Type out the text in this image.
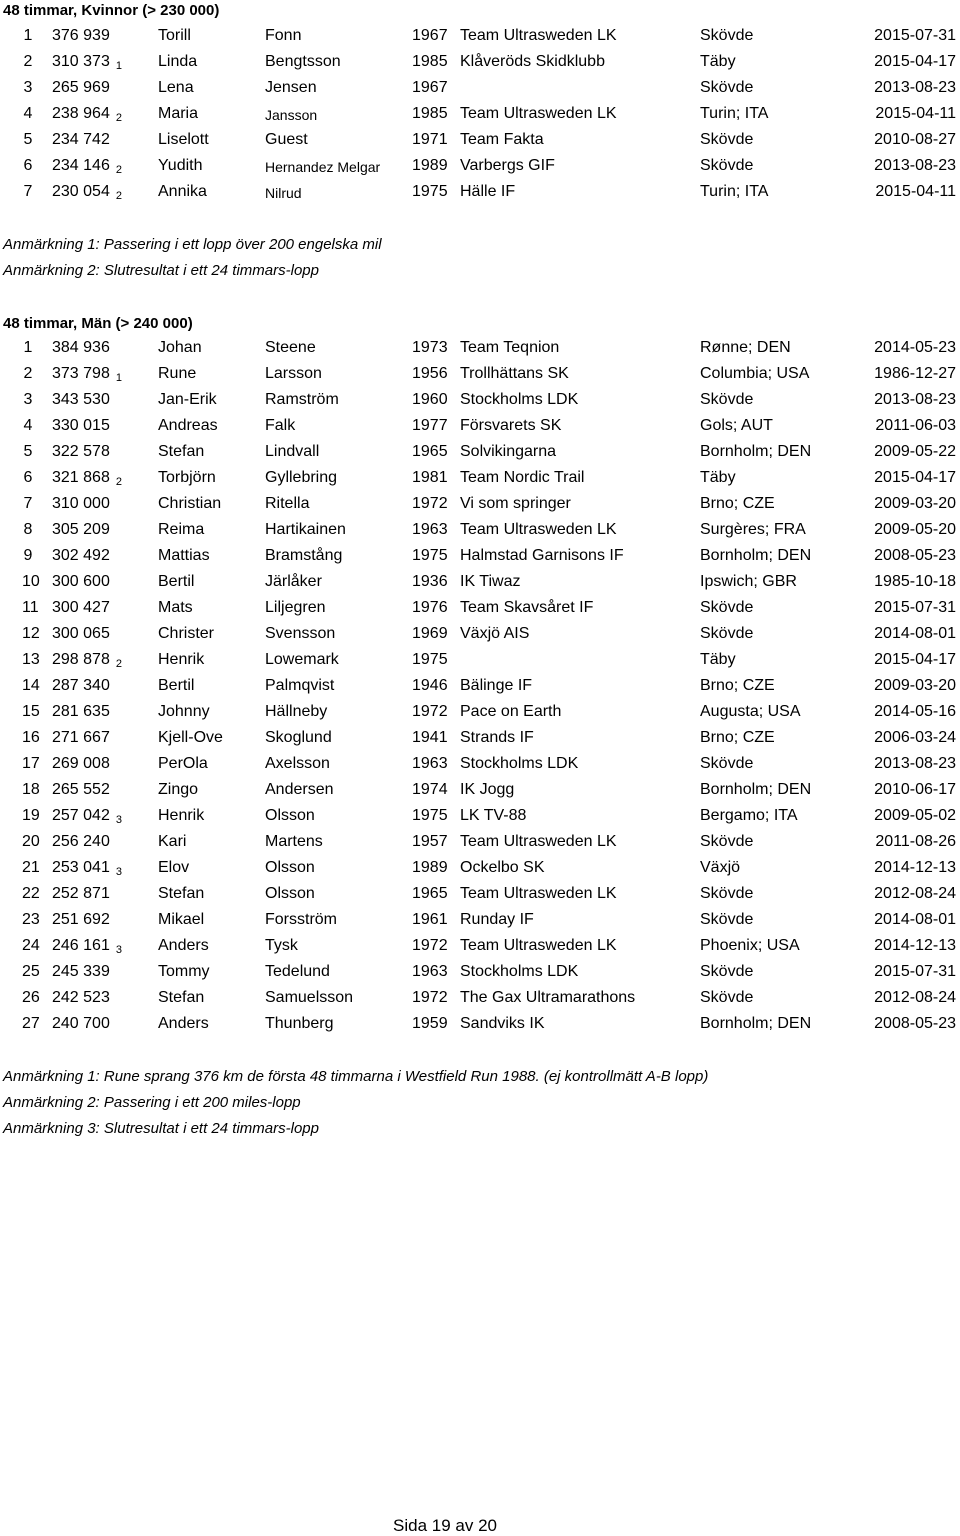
48 timmar, Kvinnor (> 230 000)
1 376 939	Torill	Fonn	1967 Team Ultrasweden LK	Skövde	2015-07-31
2 310 373 1 Linda	Bengtsson	1985 Klåveröds Skidklubb	Täby	2015-04-17
3 265 969	Lena	Jensen	1967	Skövde	2013-08-23
4 238 964 2 Maria	Jansson	1985 Team Ultrasweden LK	Turin; ITA	2015-04-11
5 234 742	Liselott	Guest	1971 Team Fakta	Skövde	2010-08-27
6 234 146 2 Yudith	Hernandez Melgar 1989 Varbergs GIF	Skövde	2013-08-23
7 230 054 2 Annika	Nilrud	1975 Hälle IF	Turin; ITA	2015-04-11
Anmärkning 1: Passering i ett lopp över 200 engelska mil
Anmärkning 2: Slutresultat i ett 24 timmars-lopp
48 timmar, Män (> 240 000)
1 384 936	Johan	Steene	1973 Team Teqnion	Rønne; DEN	2014-05-23
2 373 798 1 Rune	Larsson	1956 Trollhättans SK	Columbia; USA	1986-12-27
3 343 530	Jan-Erik	Ramström	1960 Stockholms LDK	Skövde	2013-08-23
4 330 015	Andreas	Falk	1977 Försvarets SK	Gols; AUT	2011-06-03
5 322 578	Stefan	Lindvall	1965 Solvikingarna	Bornholm; DEN	2009-05-22
6 321 868 2 Torbjörn	Gyllebring	1981 Team Nordic Trail	Täby	2015-04-17
7 310 000	Christian	Ritella	1972 Vi som springer	Brno; CZE	2009-03-20
8 305 209	Reima	Hartikainen	1963 Team Ultrasweden LK	Surgères; FRA	2009-05-20
9 302 492	Mattias	Bramstång	1975 Halmstad Garnisons IF	Bornholm; DEN	2008-05-23
10 300 600	Bertil	Järlåker	1936 IK Tiwaz	Ipswich; GBR	1985-10-18
11 300 427	Mats	Liljegren	1976 Team Skavsåret IF	Skövde	2015-07-31
12 300 065	Christer	Svensson	1969 Växjö AIS	Skövde	2014-08-01
13 298 878 2 Henrik	Lowemark	1975	Täby	2015-04-17
14 287 340	Bertil	Palmqvist	1946 Bälinge IF	Brno; CZE	2009-03-20
15 281 635	Johnny	Hällneby	1972 Pace on Earth	Augusta; USA	2014-05-16
16 271 667	Kjell-Ove	Skoglund	1941 Strands IF	Brno; CZE	2006-03-24
17 269 008	PerOla	Axelsson	1963 Stockholms LDK	Skövde	2013-08-23
18 265 552	Zingo	Andersen	1974 IK Jogg	Bornholm; DEN	2010-06-17
19 257 042 3 Henrik	Olsson	1975 LK TV-88	Bergamo; ITA	2009-05-02
20 256 240	Kari	Martens	1957 Team Ultrasweden LK	Skövde	2011-08-26
21 253 041 3 Elov	Olsson	1989 Ockelbo SK	Växjö	2014-12-13
22 252 871	Stefan	Olsson	1965 Team Ultrasweden LK	Skövde	2012-08-24
23 251 692	Mikael	Forsström	1961 Runday IF	Skövde	2014-08-01
24 246 161 3 Anders	Tysk	1972 Team Ultrasweden LK	Phoenix; USA	2014-12-13
25 245 339	Tommy	Tedelund	1963 Stockholms LDK	Skövde	2015-07-31
26 242 523	Stefan	Samuelsson	1972 The Gax Ultramarathons	Skövde	2012-08-24
27 240 700	Anders	Thunberg	1959 Sandviks IK	Bornholm; DEN	2008-05-23
Anmärkning 1: Rune sprang 376 km de första 48 timmarna i Westfield Run 1988. (ej kontrollmätt A-B lopp)
Anmärkning 2: Passering i ett 200 miles-lopp
Anmärkning 3: Slutresultat i ett 24 timmars-lopp
Sida 19 av 20
